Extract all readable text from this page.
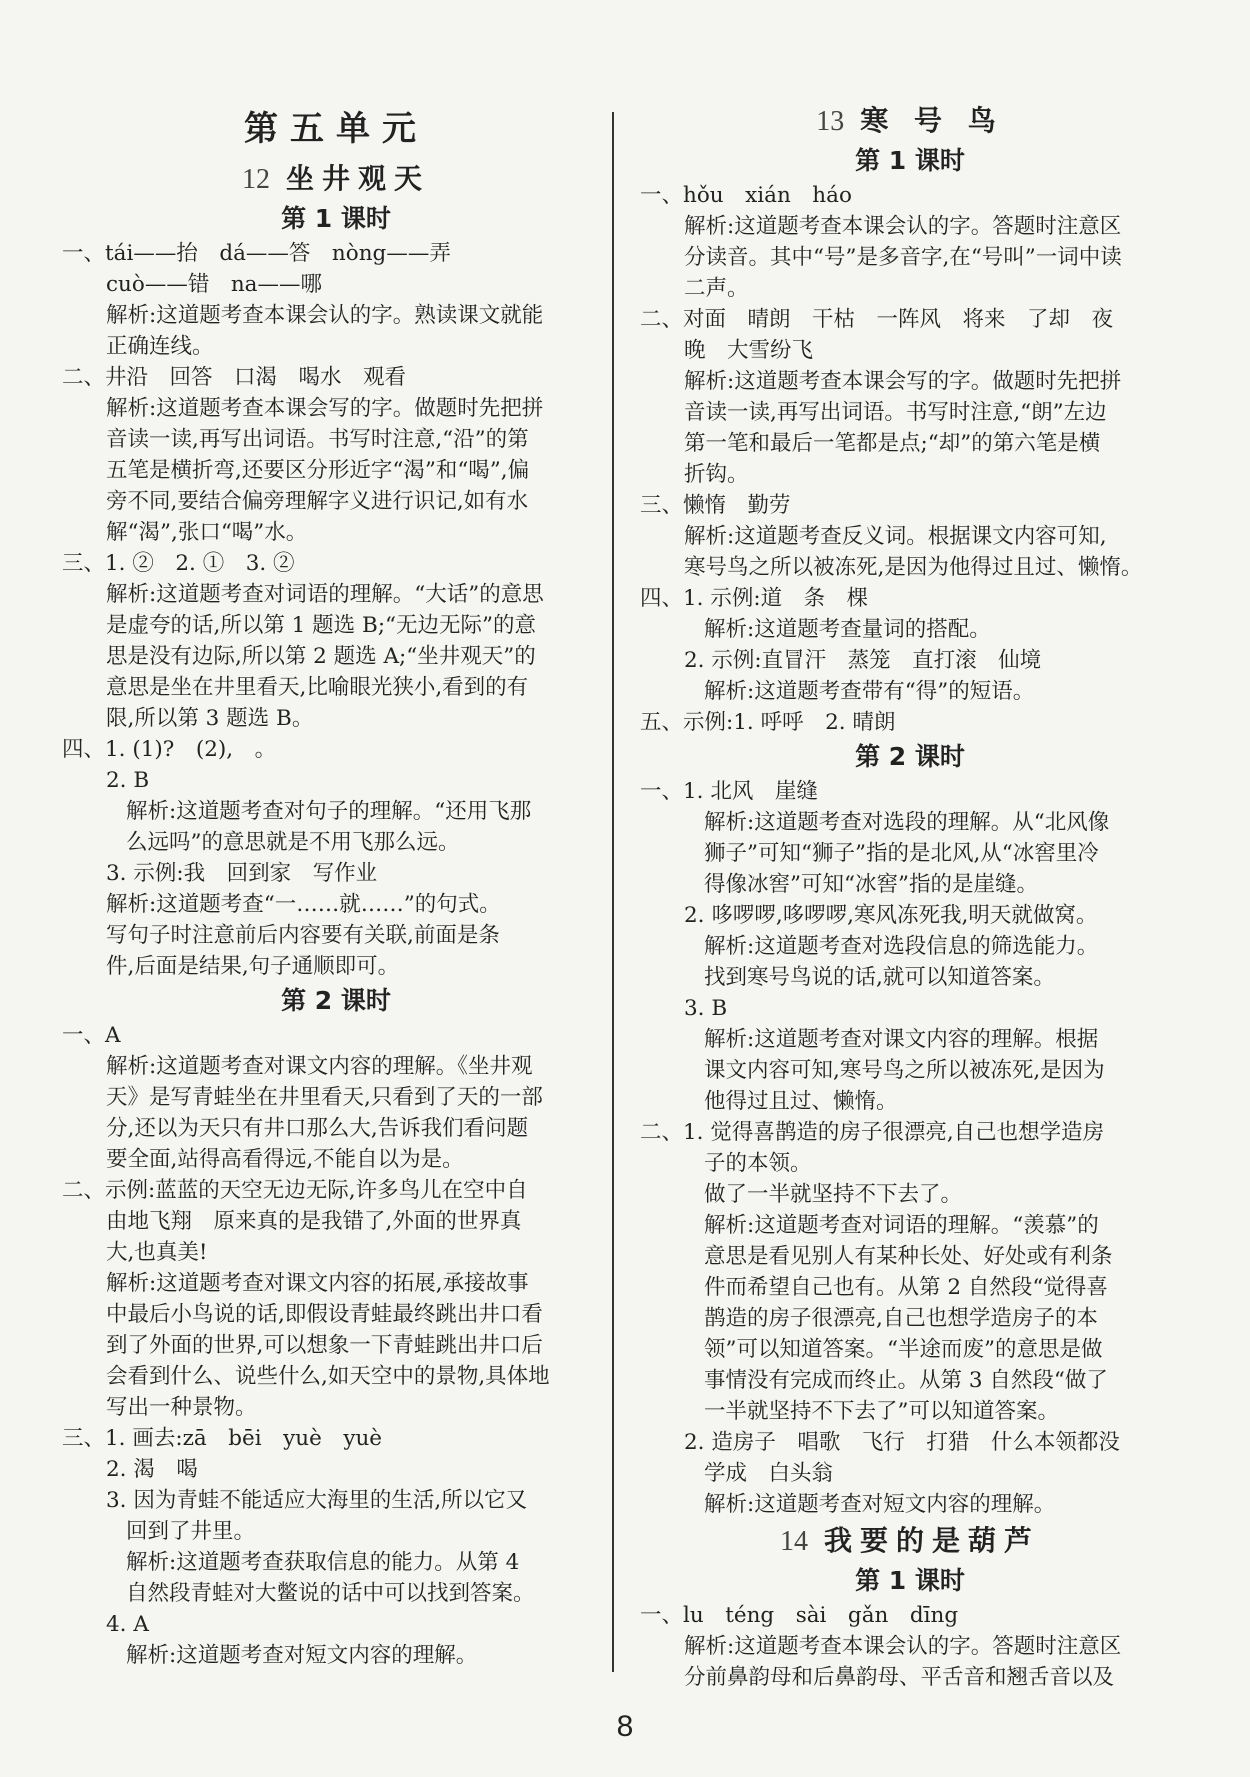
第五单元
12 坐井观天
第 1 课时
一、tái——抬　dá——答　nòng——弄
cuò——错　na——哪
解析:这道题考查本课会认的字。熟读课文就能
正确连线。
二、井沿　回答　口渴　喝水　观看
解析:这道题考查本课会写的字。做题时先把拼
音读一读,再写出词语。书写时注意,“沿”的第
五笔是横折弯,还要区分形近字“渴”和“喝”,偏
旁不同,要结合偏旁理解字义进行识记,如有水
解“渴”,张口“喝”水。
三、1. ②　2. ①　3. ②
解析:这道题考查对词语的理解。“大话”的意思
是虚夸的话,所以第 1 题选 B;“无边无际”的意
思是没有边际,所以第 2 题选 A;“坐井观天”的
意思是坐在井里看天,比喻眼光狭小,看到的有
限,所以第 3 题选 B。
四、1. (1)?　(2),　。
2. B
解析:这道题考查对句子的理解。“还用飞那
么远吗”的意思就是不用飞那么远。
3. 示例:我　回到家　写作业
解析:这道题考查“一……就……”的句式。
写句子时注意前后内容要有关联,前面是条
件,后面是结果,句子通顺即可。
第 2 课时
一、A
解析:这道题考查对课文内容的理解。《坐井观
天》是写青蛙坐在井里看天,只看到了天的一部
分,还以为天只有井口那么大,告诉我们看问题
要全面,站得高看得远,不能自以为是。
二、示例:蓝蓝的天空无边无际,许多鸟儿在空中自
由地飞翔　原来真的是我错了,外面的世界真
大,也真美!
解析:这道题考查对课文内容的拓展,承接故事
中最后小鸟说的话,即假设青蛙最终跳出井口看
到了外面的世界,可以想象一下青蛙跳出井口后
会看到什么、说些什么,如天空中的景物,具体地
写出一种景物。
三、1. 画去:zā　bēi　yuè　yuè
2. 渴　喝
3. 因为青蛙不能适应大海里的生活,所以它又
回到了井里。
解析:这道题考查获取信息的能力。从第 4
自然段青蛙对大鳖说的话中可以找到答案。
4. A
解析:这道题考查对短文内容的理解。
13 寒 号 鸟
第 1 课时
一、hǒu　xián　háo
解析:这道题考查本课会认的字。答题时注意区
分读音。其中“号”是多音字,在“号叫”一词中读
二声。
二、对面　晴朗　干枯　一阵风　将来　了却　夜
晚　大雪纷飞
解析:这道题考查本课会写的字。做题时先把拼
音读一读,再写出词语。书写时注意,“朗”左边
第一笔和最后一笔都是点;“却”的第六笔是横
折钩。
三、懒惰　勤劳
解析:这道题考查反义词。根据课文内容可知,
寒号鸟之所以被冻死,是因为他得过且过、懒惰。
四、1. 示例:道　条　棵
解析:这道题考查量词的搭配。
2. 示例:直冒汗　蒸笼　直打滚　仙境
解析:这道题考查带有“得”的短语。
五、示例:1. 呼呼　2. 晴朗
第 2 课时
一、1. 北风　崖缝
解析:这道题考查对选段的理解。从“北风像
狮子”可知“狮子”指的是北风,从“冰窖里冷
得像冰窖”可知“冰窖”指的是崖缝。
2. 哆啰啰,哆啰啰,寒风冻死我,明天就做窝。
解析:这道题考查对选段信息的筛选能力。
找到寒号鸟说的话,就可以知道答案。
3. B
解析:这道题考查对课文内容的理解。根据
课文内容可知,寒号鸟之所以被冻死,是因为
他得过且过、懒惰。
二、1. 觉得喜鹊造的房子很漂亮,自己也想学造房
子的本领。
做了一半就坚持不下去了。
解析:这道题考查对词语的理解。“羡慕”的
意思是看见别人有某种长处、好处或有利条
件而希望自己也有。从第 2 自然段“觉得喜
鹊造的房子很漂亮,自己也想学造房子的本
领”可以知道答案。“半途而废”的意思是做
事情没有完成而终止。从第 3 自然段“做了
一半就坚持不下去了”可以知道答案。
2. 造房子　唱歌　飞行　打猎　什么本领都没
学成　白头翁
解析:这道题考查对短文内容的理解。
14 我要的是葫芦
第 1 课时
一、lu　téng　sài　gǎn　dīng
解析:这道题考查本课会认的字。答题时注意区
分前鼻韵母和后鼻韵母、平舌音和翘舌音以及
8
